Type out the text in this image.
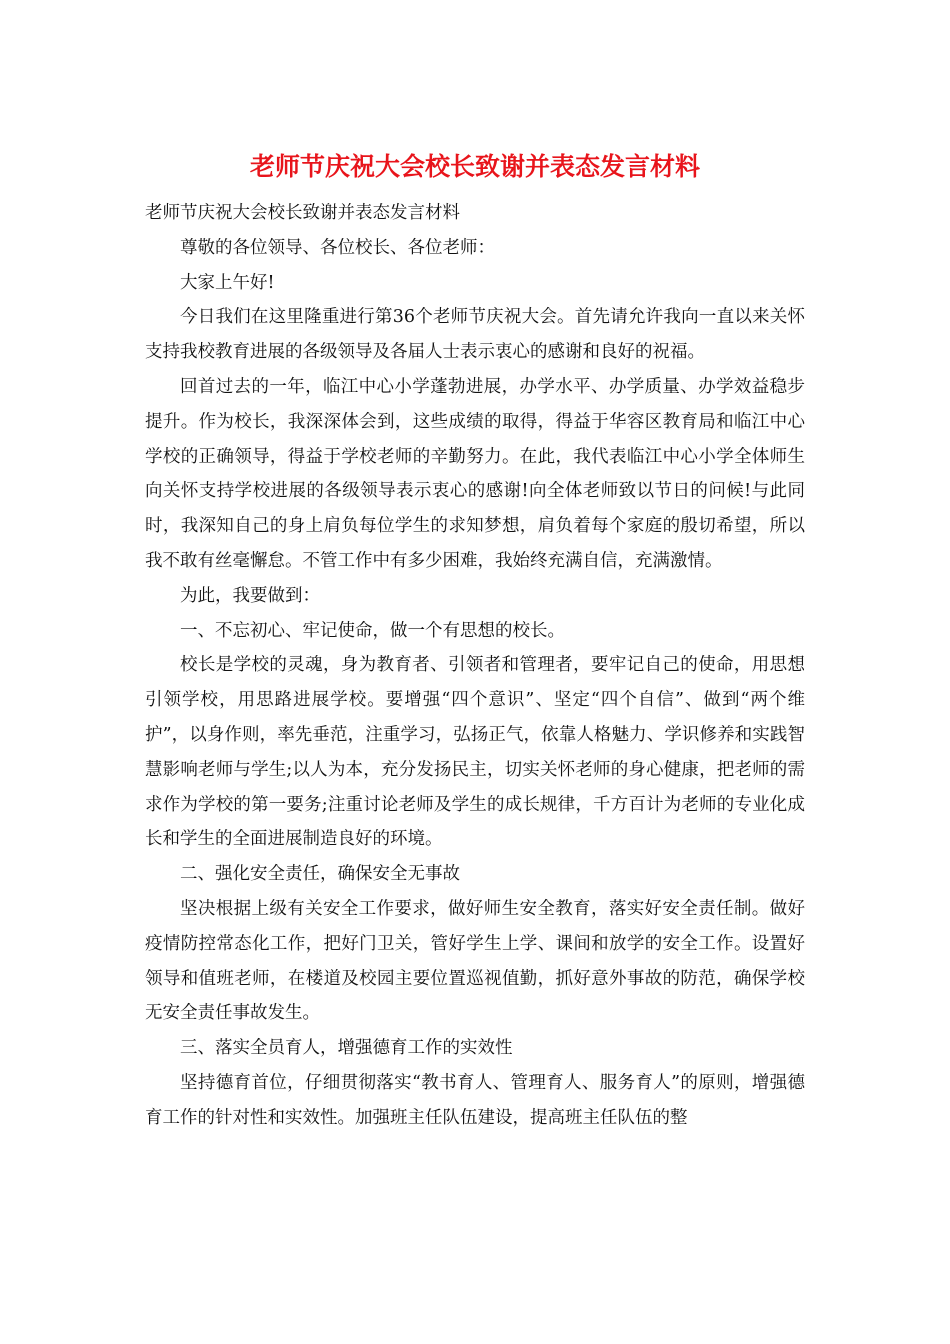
老师节庆祝大会校长致谢并表态发言材料

老师节庆祝大会校长致谢并表态发言材料

尊敬的各位领导、各位校长、各位老师：

大家上午好!

今日我们在这里隆重进行第36个老师节庆祝大会。首先请允许我向一直以来关怀支持我校教育进展的各级领导及各届人士表示衷心的感谢和良好的祝福。

回首过去的一年，临江中心小学蓬勃进展，办学水平、办学质量、办学效益稳步提升。作为校长，我深深体会到，这些成绩的取得，得益于华容区教育局和临江中心学校的正确领导，得益于学校老师的辛勤努力。在此，我代表临江中心小学全体师生向关怀支持学校进展的各级领导表示衷心的感谢!向全体老师致以节日的问候!与此同时，我深知自己的身上肩负每位学生的求知梦想，肩负着每个家庭的殷切希望，所以我不敢有丝毫懈怠。不管工作中有多少困难，我始终充满自信，充满激情。

为此，我要做到：

一、不忘初心、牢记使命，做一个有思想的校长。

校长是学校的灵魂，身为教育者、引领者和管理者，要牢记自己的使命，用思想引领学校，用思路进展学校。要增强“四个意识”、坚定“四个自信”、做到“两个维护”，以身作则，率先垂范，注重学习，弘扬正气，依靠人格魅力、学识修养和实践智慧影响老师与学生;以人为本，充分发扬民主，切实关怀老师的身心健康，把老师的需求作为学校的第一要务;注重讨论老师及学生的成长规律，千方百计为老师的专业化成长和学生的全面进展制造良好的环境。

二、强化安全责任，确保安全无事故

坚决根据上级有关安全工作要求，做好师生安全教育，落实好安全责任制。做好疫情防控常态化工作，把好门卫关，管好学生上学、课间和放学的安全工作。设置好领导和值班老师，在楼道及校园主要位置巡视值勤，抓好意外事故的防范，确保学校无安全责任事故发生。

三、落实全员育人，增强德育工作的实效性

坚持德育首位，仔细贯彻落实“教书育人、管理育人、服务育人”的原则，增强德育工作的针对性和实效性。加强班主任队伍建设，提高班主任队伍的整
